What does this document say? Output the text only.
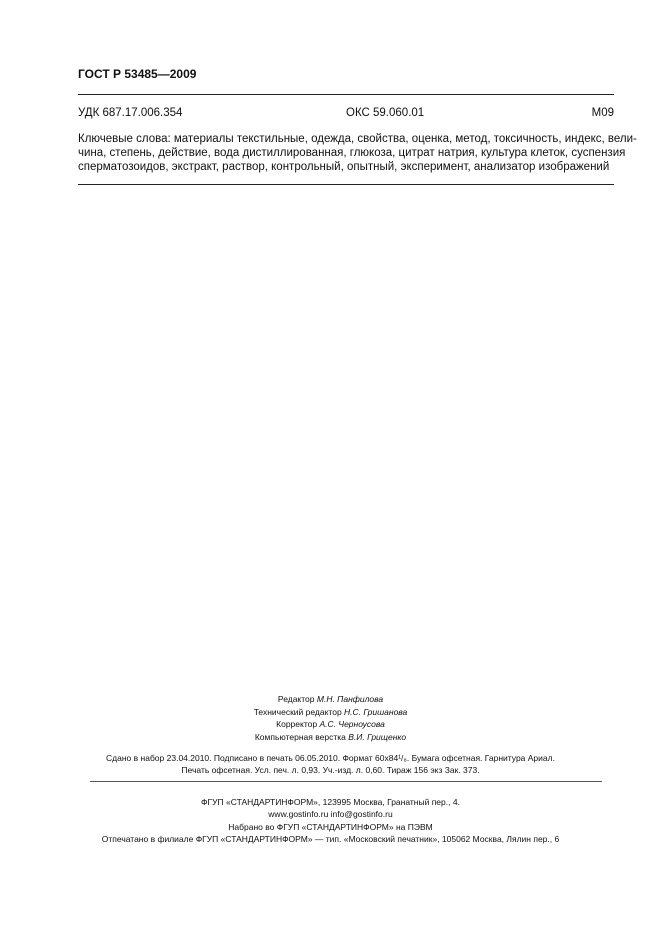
ГОСТ Р 53485—2009
УДК 687.17.006.354	ОКС 59.060.01	М09
Ключевые слова: материалы текстильные, одежда, свойства, оценка, метод, токсичность, индекс, вели-
чина, степень, действие, вода дистиллированная, глюкоза, цитрат натрия, культура клеток, суспензия
сперматозоидов, экстракт, раствор, контрольный, опытный, эксперимент, анализатор изображений
Редактор М.Н. Панфилова
Технический редактор Н.С. Гришанова
Корректор А.С. Черноусова
Компьютерная верстка В.И. Грищенко
Сдано в набор 23.04.2010. Подписано в печать 06.05.2010. Формат 60x84¹/₈. Бумага офсетная. Гарнитура Ариал.
Печать офсетная. Усл. печ. л. 0,93. Уч.-изд. л. 0,60. Тираж 156 экз Зак. 373.
ФГУП «СТАНДАРТИНФОРМ», 123995 Москва, Гранатный пер., 4.
www.gostinfo.ru info@gostinfo.ru
Набрано во ФГУП «СТАНДАРТИНФОРМ» на ПЭВМ
Отпечатано в филиале ФГУП «СТАНДАРТИНФОРМ» — тип. «Московский печатник», 105062 Москва, Лялин пер., 6
